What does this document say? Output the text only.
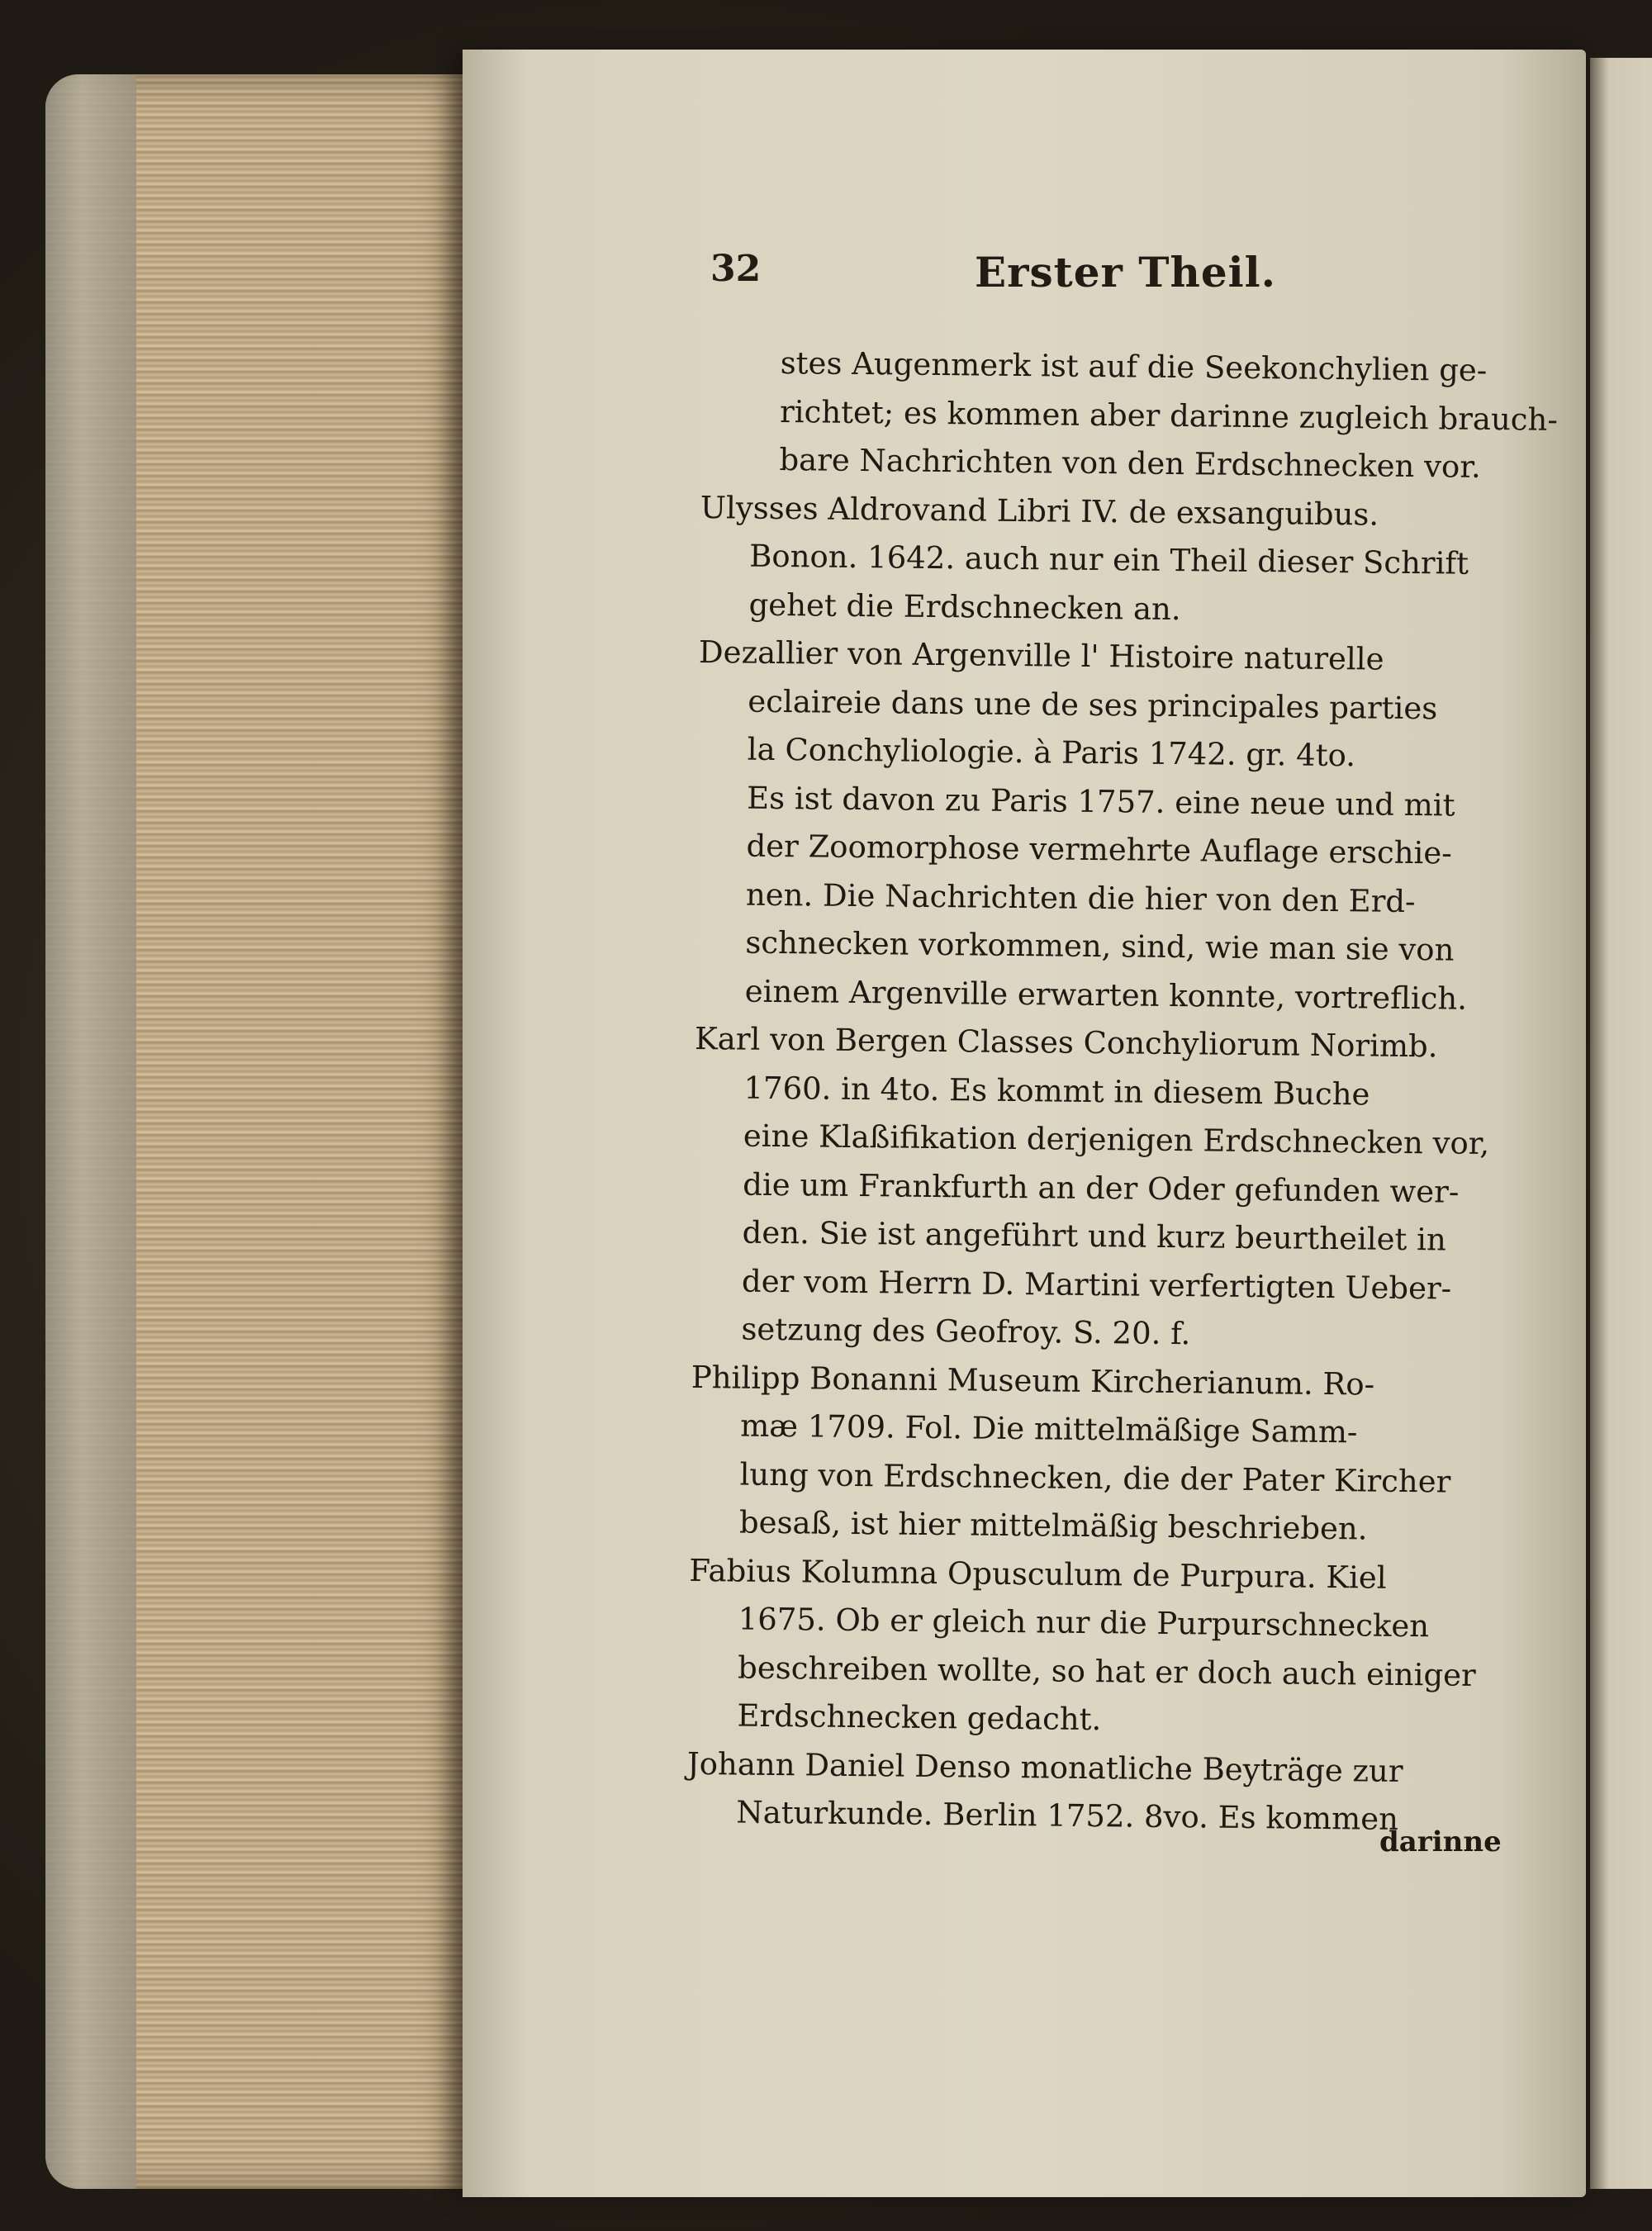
32	Erster Theil.
stes Augenmerk ist auf die Seekonchylien ge-
richtet; es kommen aber darinne zugleich brauch-
bare Nachrichten von den Erdschnecken vor.
Ulysses Aldrovand Libri IV. de exsanguibus.
Bonon. 1642. auch nur ein Theil dieser Schrift
gehet die Erdschnecken an.
Dezallier von Argenville l' Histoire naturelle
eclaireie dans une de ses principales parties
la Conchyliologie. à Paris 1742. gr. 4to.
Es ist davon zu Paris 1757. eine neue und mit
der Zoomorphose vermehrte Auflage erschie-
nen. Die Nachrichten die hier von den Erd-
schnecken vorkommen, sind, wie man sie von
einem Argenville erwarten konnte, vortreflich.
Karl von Bergen Classes Conchyliorum Norimb.
1760. in 4to. Es kommt in diesem Buche
eine Klaßifikation derjenigen Erdschnecken vor,
die um Frankfurth an der Oder gefunden wer-
den. Sie ist angeführt und kurz beurtheilet in
der vom Herrn D. Martini verfertigten Ueber-
setzung des Geofroy. S. 20. f.
Philipp Bonanni Museum Kircherianum. Ro-
mæ 1709. Fol. Die mittelmäßige Samm-
lung von Erdschnecken, die der Pater Kircher
besaß, ist hier mittelmäßig beschrieben.
Fabius Kolumna Opusculum de Purpura. Kiel
1675. Ob er gleich nur die Purpurschnecken
beschreiben wollte, so hat er doch auch einiger
Erdschnecken gedacht.
Johann Daniel Denso monatliche Beyträge zur
Naturkunde. Berlin 1752. 8vo. Es kommen
darinne
